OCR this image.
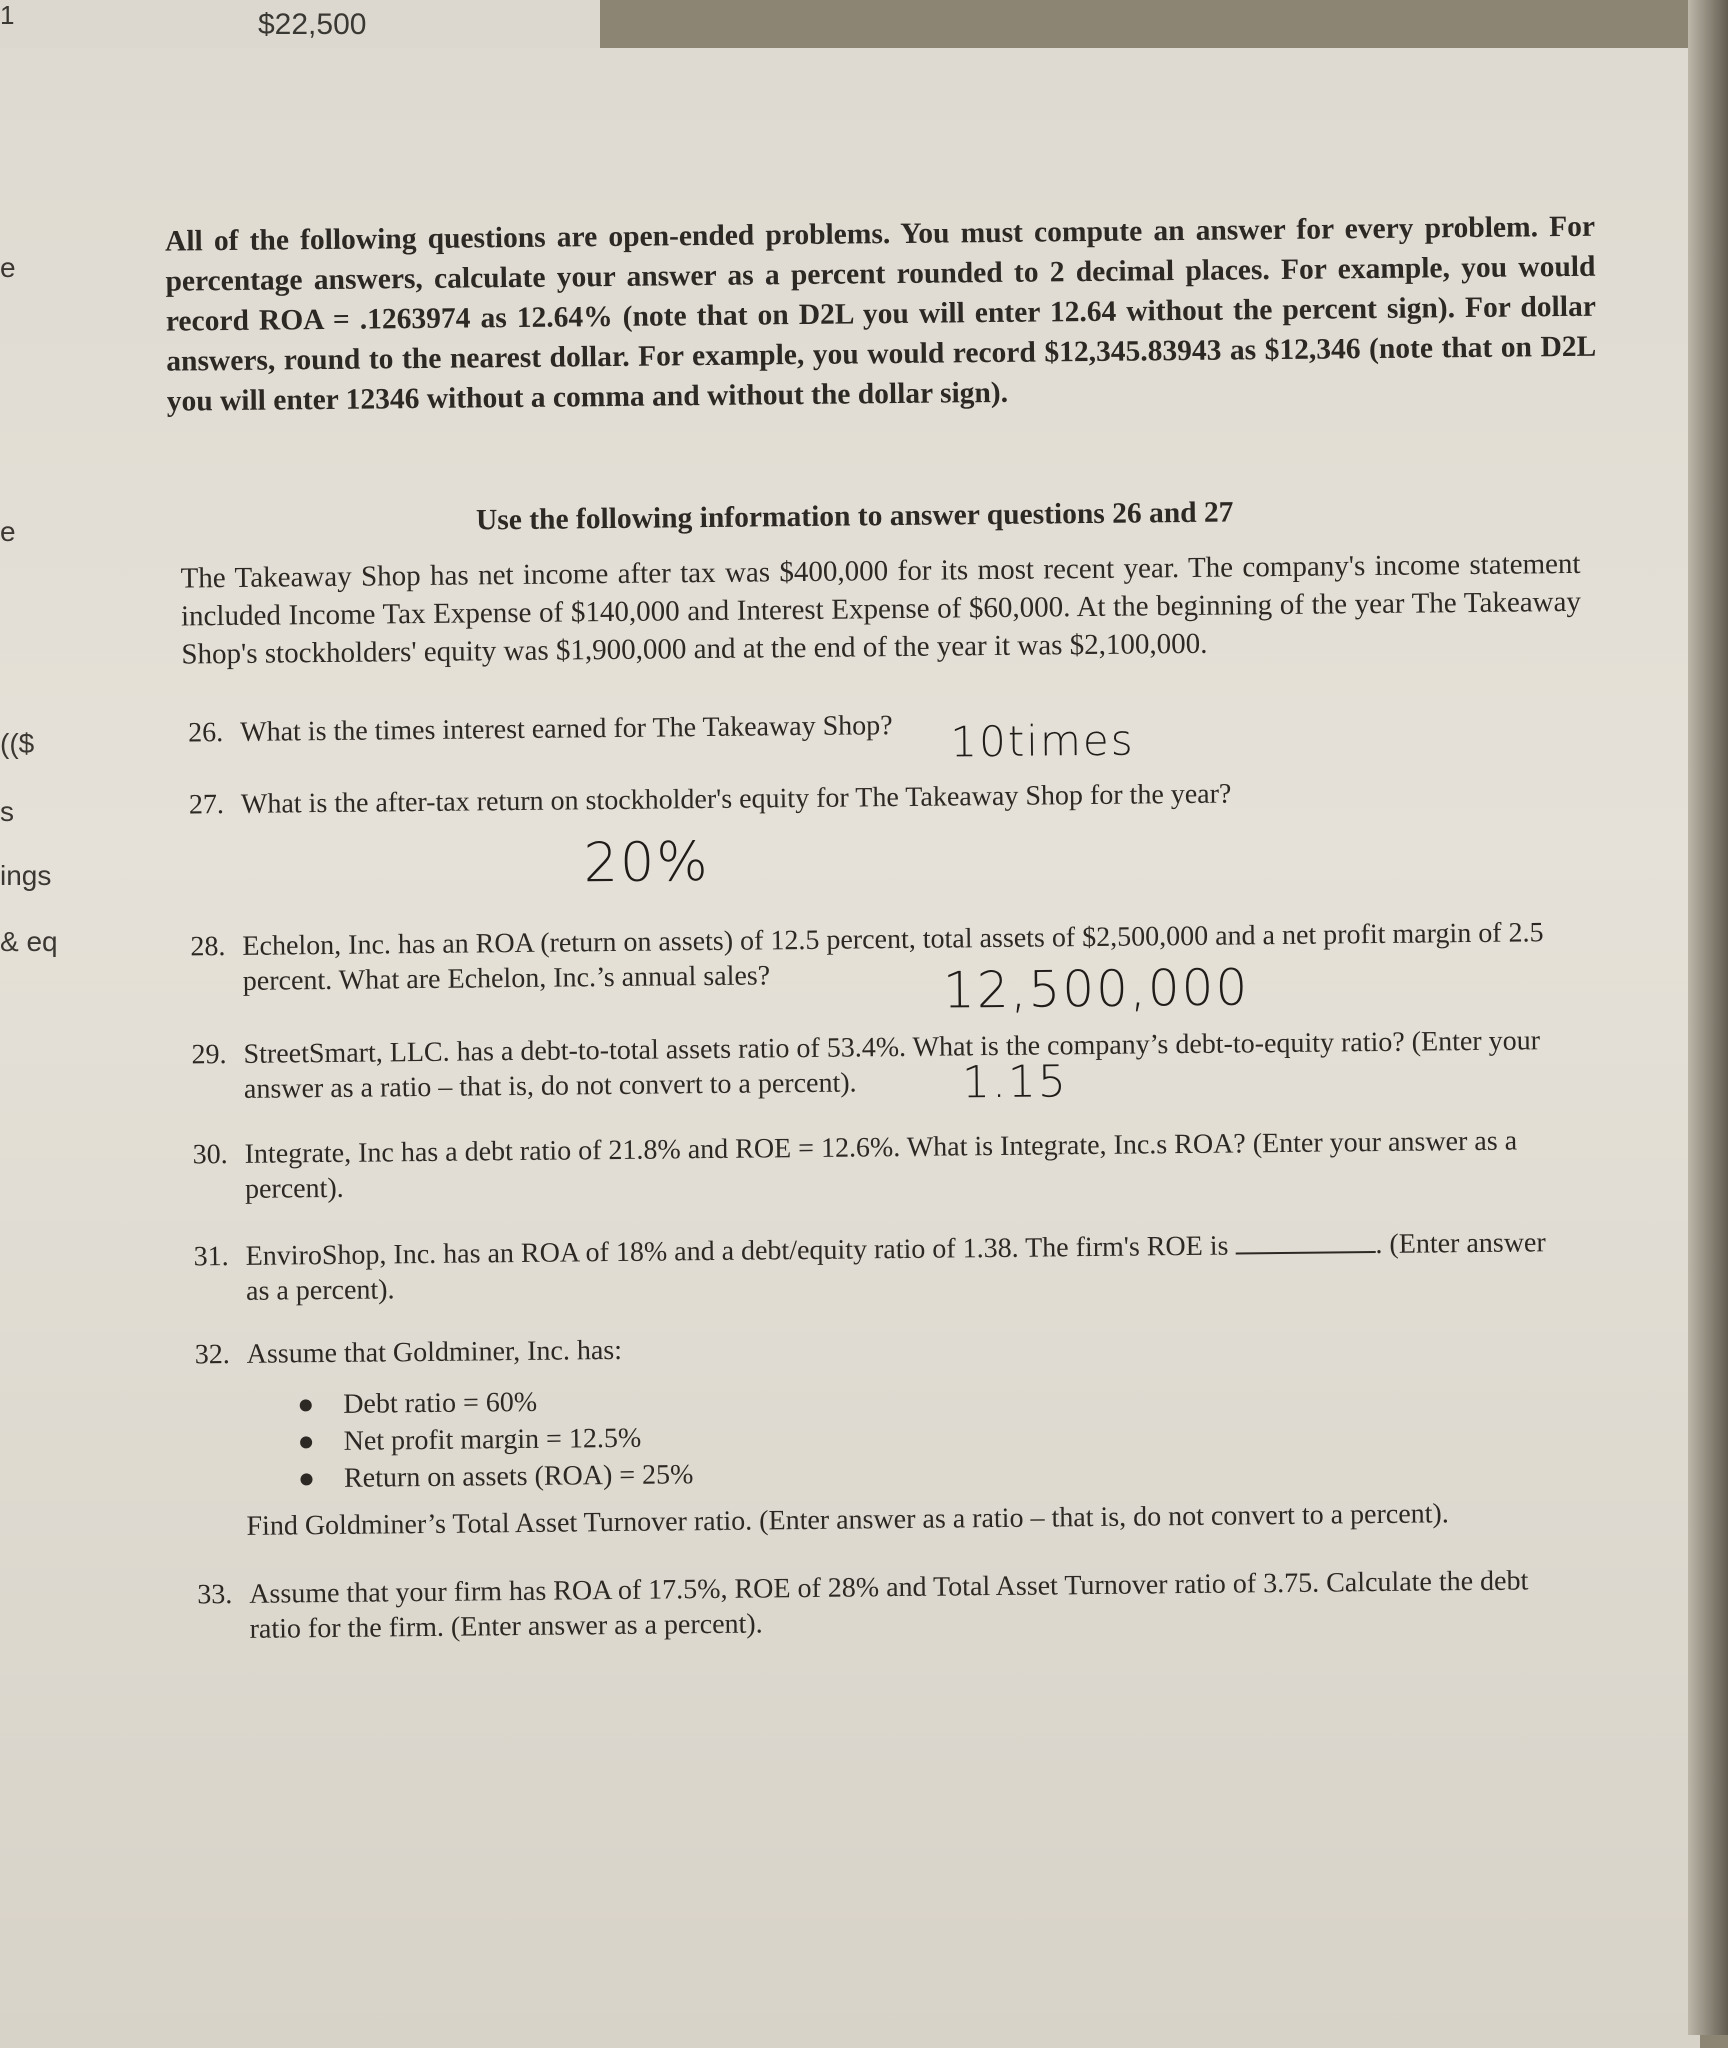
1	$22,500
e
e
(($
s
ings
& eq
All of the following questions are open-ended problems. You must compute an answer for every problem. For percentage answers, calculate your answer as a percent rounded to 2 decimal places. For example, you would record ROA = .1263974 as 12.64% (note that on D2L you will enter 12.64 without the percent sign). For dollar answers, round to the nearest dollar. For example, you would record $12,345.83943 as $12,346 (note that on D2L you will enter 12346 without a comma and without the dollar sign).
Use the following information to answer questions 26 and 27
The Takeaway Shop has net income after tax was $400,000 for its most recent year. The company's income statement included Income Tax Expense of $140,000 and Interest Expense of $60,000. At the beginning of the year The Takeaway Shop's stockholders' equity was $1,900,000 and at the end of the year it was $2,100,000.
26. What is the times interest earned for The Takeaway Shop?	10times
27. What is the after-tax return on stockholder's equity for The Takeaway Shop for the year?
20%
28. Echelon, Inc. has an ROA (return on assets) of 12.5 percent, total assets of $2,500,000 and a net profit margin of 2.5 percent. What are Echelon, Inc.’s annual sales?	12,500,000
29. StreetSmart, LLC. has a debt-to-total assets ratio of 53.4%. What is the company’s debt-to-equity ratio? (Enter your answer as a ratio – that is, do not convert to a percent).	1.15
30. Integrate, Inc has a debt ratio of 21.8% and ROE = 12.6%. What is Integrate, Inc.s ROA? (Enter your answer as a percent).
31. EnviroShop, Inc. has an ROA of 18% and a debt/equity ratio of 1.38. The firm's ROE is	. (Enter answer as a percent).
32. Assume that Goldminer, Inc. has:
● Debt ratio = 60%
● Net profit margin = 12.5%
● Return on assets (ROA) = 25%
Find Goldminer’s Total Asset Turnover ratio. (Enter answer as a ratio – that is, do not convert to a percent).
33. Assume that your firm has ROA of 17.5%, ROE of 28% and Total Asset Turnover ratio of 3.75. Calculate the debt ratio for the firm. (Enter answer as a percent).
